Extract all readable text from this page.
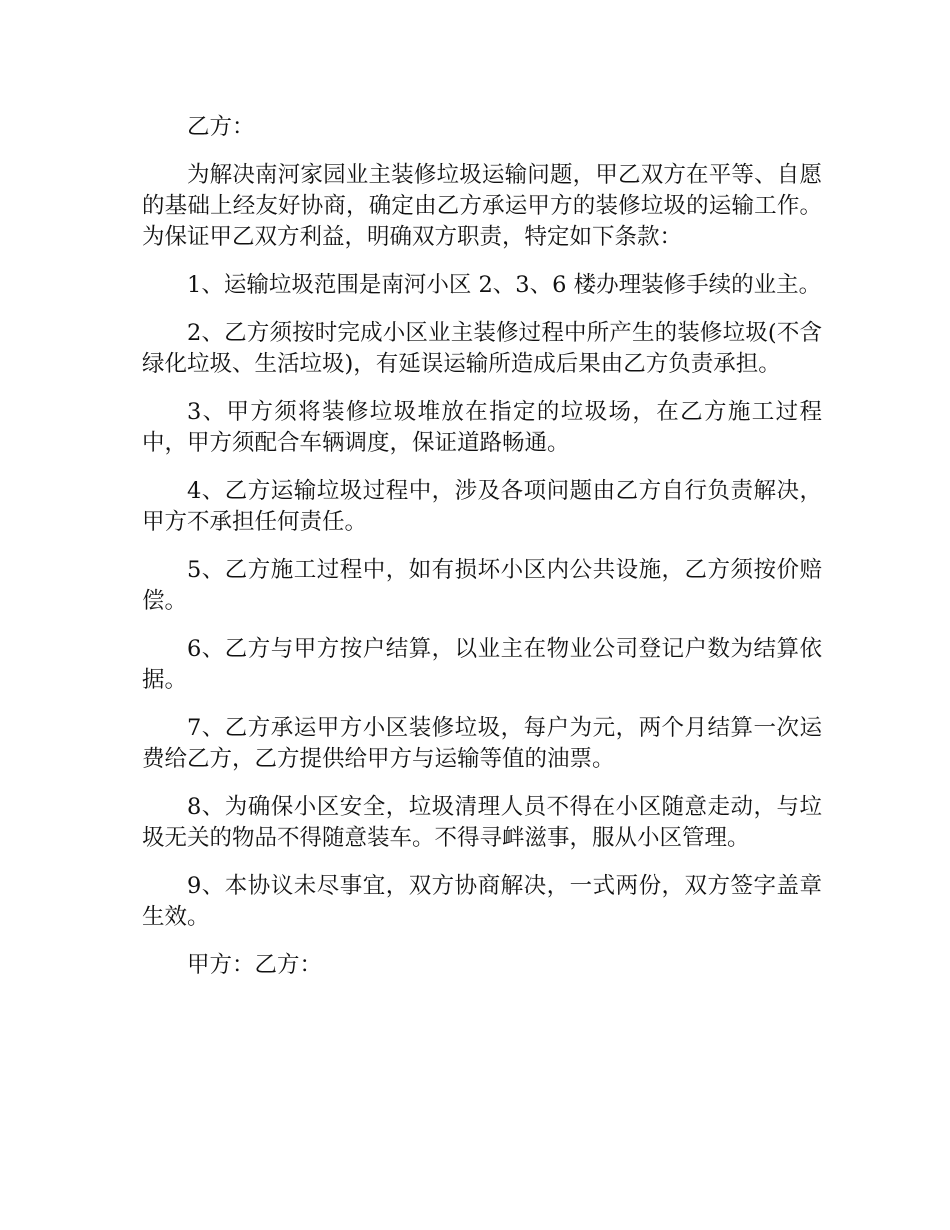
乙方：

为解决南河家园业主装修垃圾运输问题，甲乙双方在平等、自愿的基础上经友好协商，确定由乙方承运甲方的装修垃圾的运输工作。为保证甲乙双方利益，明确双方职责，特定如下条款：

1、运输垃圾范围是南河小区 2、3、6 楼办理装修手续的业主。

2、乙方须按时完成小区业主装修过程中所产生的装修垃圾(不含绿化垃圾、生活垃圾)，有延误运输所造成后果由乙方负责承担。

3、甲方须将装修垃圾堆放在指定的垃圾场，在乙方施工过程中，甲方须配合车辆调度，保证道路畅通。

4、乙方运输垃圾过程中，涉及各项问题由乙方自行负责解决，甲方不承担任何责任。

5、乙方施工过程中，如有损坏小区内公共设施，乙方须按价赔偿。

6、乙方与甲方按户结算，以业主在物业公司登记户数为结算依据。

7、乙方承运甲方小区装修垃圾，每户为元，两个月结算一次运费给乙方，乙方提供给甲方与运输等值的油票。

8、为确保小区安全，垃圾清理人员不得在小区随意走动，与垃圾无关的物品不得随意装车。不得寻衅滋事，服从小区管理。

9、本协议未尽事宜，双方协商解决，一式两份，双方签字盖章生效。

甲方：乙方：
